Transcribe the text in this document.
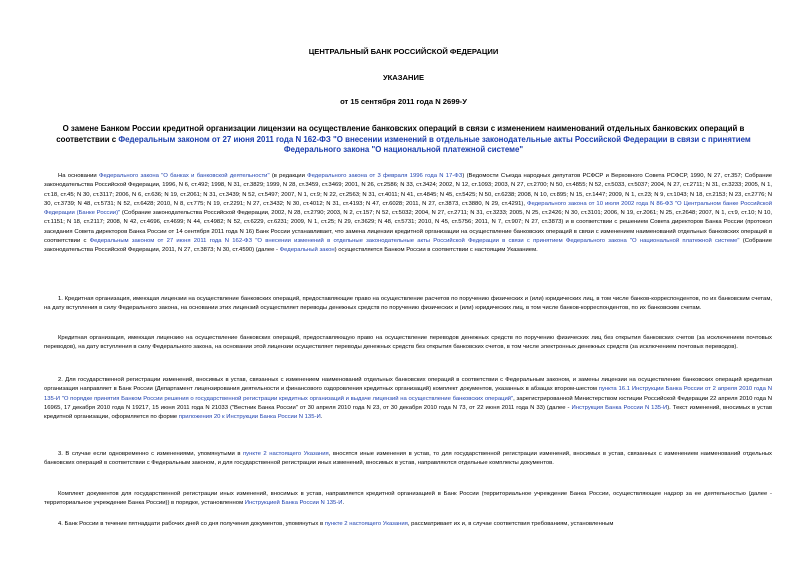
ЦЕНТРАЛЬНЫЙ БАНК РОССИЙСКОЙ ФЕДЕРАЦИИ
УКАЗАНИЕ
от 15 сентября 2011 года N 2699-У
О замене Банком России кредитной организации лицензии на осуществление банковских операций в связи с изменением наименований отдельных банковских операций в соответствии с Федеральным законом от 27 июня 2011 года N 162-ФЗ "О внесении изменений в отдельные законодательные акты Российской Федерации в связи с принятием Федерального закона "О национальной платежной системе"
На основании Федерального закона "О банках и банковской деятельности" (в редакции Федерального закона от 3 февраля 1996 года N 17-ФЗ) (Ведомости Съезда народных депутатов РСФСР и Верховного Совета РСФСР, 1990, N 27, ст.357; Собрание законодательства Российской Федерации, 1996, N 6, ст.492; 1998, N 31, ст.3829; 1999, N 28, ст.3459, ст.3469; 2001, N 26, ст.2586; N 33, ст.3424; 2002, N 12, ст.1093; 2003, N 27, ст.2700; N 50, ст.4855; N 52, ст.5033, ст.5037; 2004, N 27, ст.2711; N 31, ст.3233; 2005, N 1, ст.18, ст.45; N 30, ст.3117; 2006, N 6, ст.636; N 19, ст.2061; N 31, ст.3439; N 52, ст.5497; 2007, N 1, ст.9; N 22, ст.2563; N 31, ст.4011; N 41, ст.4845; N 45, ст.5425; N 50, ст.6238; 2008, N 10, ст.895; N 15, ст.1447; 2009, N 1, ст.23; N 9, ст.1043; N 18, ст.2153; N 23, ст.2776; N 30, ст.3739; N 48, ст.5731; N 52, ст.6428; 2010, N 8, ст.775; N 19, ст.2291; N 27, ст.3432; N 30, ст.4012; N 31, ст.4193; N 47, ст.6028; 2011, N 27, ст.3873, ст.3880, N 29, ст.4291), Федерального закона от 10 июля 2002 года N 86-ФЗ "О Центральном банке Российской Федерации (Банке России)" (Собрание законодательства Российской Федерации, 2002, N 28, ст.2790; 2003, N 2, ст.157; N 52, ст.5032; 2004, N 27, ст.2711; N 31, ст.3233; 2005, N 25, ст.2426; N 30, ст.3101; 2006, N 19, ст.2061; N 25, ст.2648; 2007, N 1, ст.9, ст.10; N 10, ст.1151; N 18, ст.2117; 2008, N 42, ст.4696, ст.4699; N 44, ст.4982; N 52, ст.6229, ст.6231; 2009, N 1, ст.25; N 29, ст.3629; N 48, ст.5731; 2010, N 45, ст.5756; 2011, N 7, ст.907; N 27, ст.3873) и в соответствии с решением Совета директоров Банка России (протокол заседания Совета директоров Банка России от 14 сентября 2011 года N 16) Банк России устанавливает, что замена лицензии кредитной организации на осуществление банковских операций в связи с изменением наименований отдельных банковских операций в соответствии с Федеральным законом от 27 июня 2011 года N 162-ФЗ "О внесении изменений в отдельные законодательные акты Российской Федерации в связи с принятием Федерального закона "О национальной платежной системе" (Собрание законодательства Российской Федерации, 2011, N 27, ст.3873; N 30, ст.4590) (далее - Федеральный закон) осуществляется Банком России в соответствии с настоящим Указанием.
1. Кредитная организация, имеющая лицензии на осуществление банковских операций, предоставляющие право на осуществление расчетов по поручению физических и (или) юридических лиц, в том числе банков-корреспондентов, по их банковским счетам, на дату вступления в силу Федерального закона, на основании этих лицензий осуществляет переводы денежных средств по поручению физических и (или) юридических лиц, в том числе банков-корреспондентов, по их банковским счетам.
Кредитная организация, имеющая лицензию на осуществление банковских операций, предоставляющую право на осуществление переводов денежных средств по поручению физических лиц без открытия банковских счетов (за исключением почтовых переводов), на дату вступления в силу Федерального закона, на основании этой лицензии осуществляет переводы денежных средств без открытия банковских счетов, в том числе электронных денежных средств (за исключением почтовых переводов).
2. Для государственной регистрации изменений, вносимых в устав, связанных с изменением наименований отдельных банковских операций в соответствии с Федеральным законом, и замены лицензии на осуществление банковских операций кредитная организация направляет в Банк России (Департамент лицензирования деятельности и финансового оздоровления кредитных организаций) комплект документов, указанных в абзацах втором-шестом пункта 16.1 Инструкции Банка России от 2 апреля 2010 года N 135-И "О порядке принятия Банком России решения о государственной регистрации кредитных организаций и выдаче лицензий на осуществление банковских операций", зарегистрированной Министерством юстиции Российской Федерации 22 апреля 2010 года N 16965, 17 декабря 2010 года N 19217, 15 июня 2011 года N 21033 ("Вестник Банка России" от 30 апреля 2010 года N 23, от 30 декабря 2010 года N 73, от 22 июня 2011 года N 33) (далее - Инструкция Банка России N 135-И). Текст изменений, вносимых в устав кредитной организации, оформляется по форме приложения 20 к Инструкции Банка России N 135-И.
3. В случае если одновременно с изменениями, упомянутыми в пункте 2 настоящего Указания, вносятся иные изменения в устав, то для государственной регистрации изменений, вносимых в устав, связанных с изменением наименований отдельных банковских операций в соответствии с Федеральным законом, и для государственной регистрации иных изменений, вносимых в устав, направляются отдельные комплекты документов.
Комплект документов для государственной регистрации иных изменений, вносимых в устав, направляется кредитной организацией в Банк России (территориальное учреждение Банка России, осуществляющее надзор за ее деятельностью (далее - территориальное учреждение Банка России)) в порядке, установленном Инструкцией Банка России N 135-И.
4. Банк России в течение пятнадцати рабочих дней со дня получения документов, упомянутых в пункте 2 настоящего Указания, рассматривает их и, в случае соответствия требованиям, установленным
